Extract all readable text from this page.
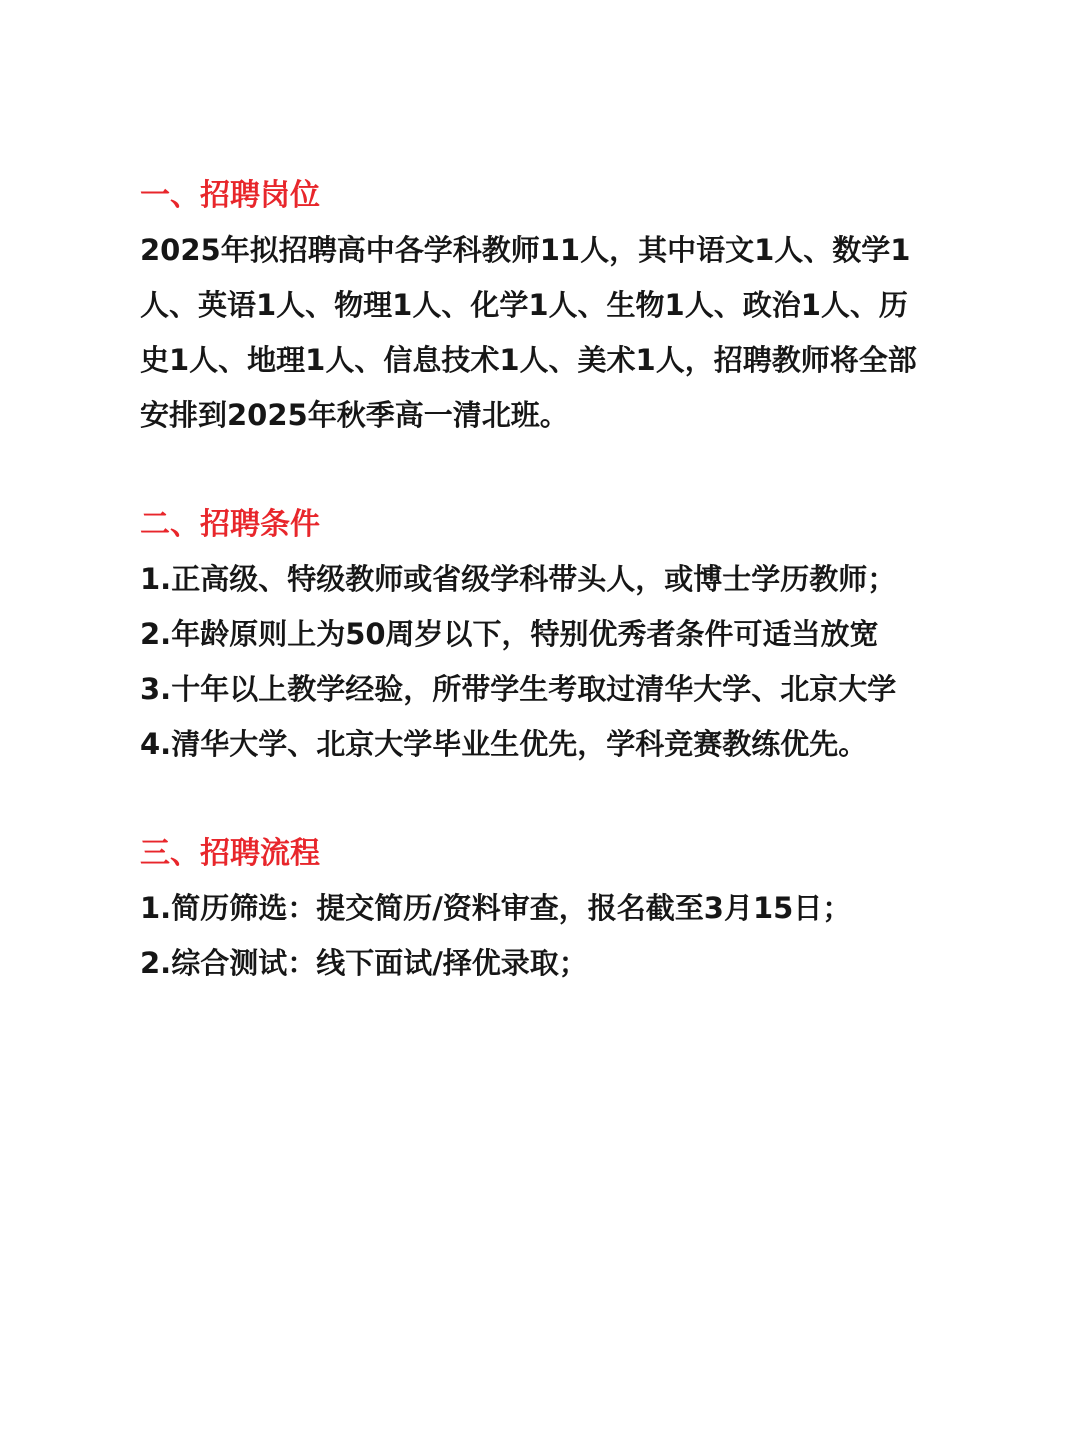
一、招聘岗位

2025年拟招聘高中各学科教师11人，其中语文1人、数学1

人、英语1人、物理1人、化学1人、生物1人、政治1人、历

史1人、地理1人、信息技术1人、美术1人，招聘教师将全部

安排到2025年秋季高一清北班。

二、招聘条件

1.正高级、特级教师或省级学科带头人，或博士学历教师；

2.年龄原则上为50周岁以下，特别优秀者条件可适当放宽

3.十年以上教学经验，所带学生考取过清华大学、北京大学

4.清华大学、北京大学毕业生优先，学科竞赛教练优先。

三、招聘流程

1.简历筛选：提交简历/资料审查，报名截至3月15日；

2.综合测试：线下面试/择优录取；
